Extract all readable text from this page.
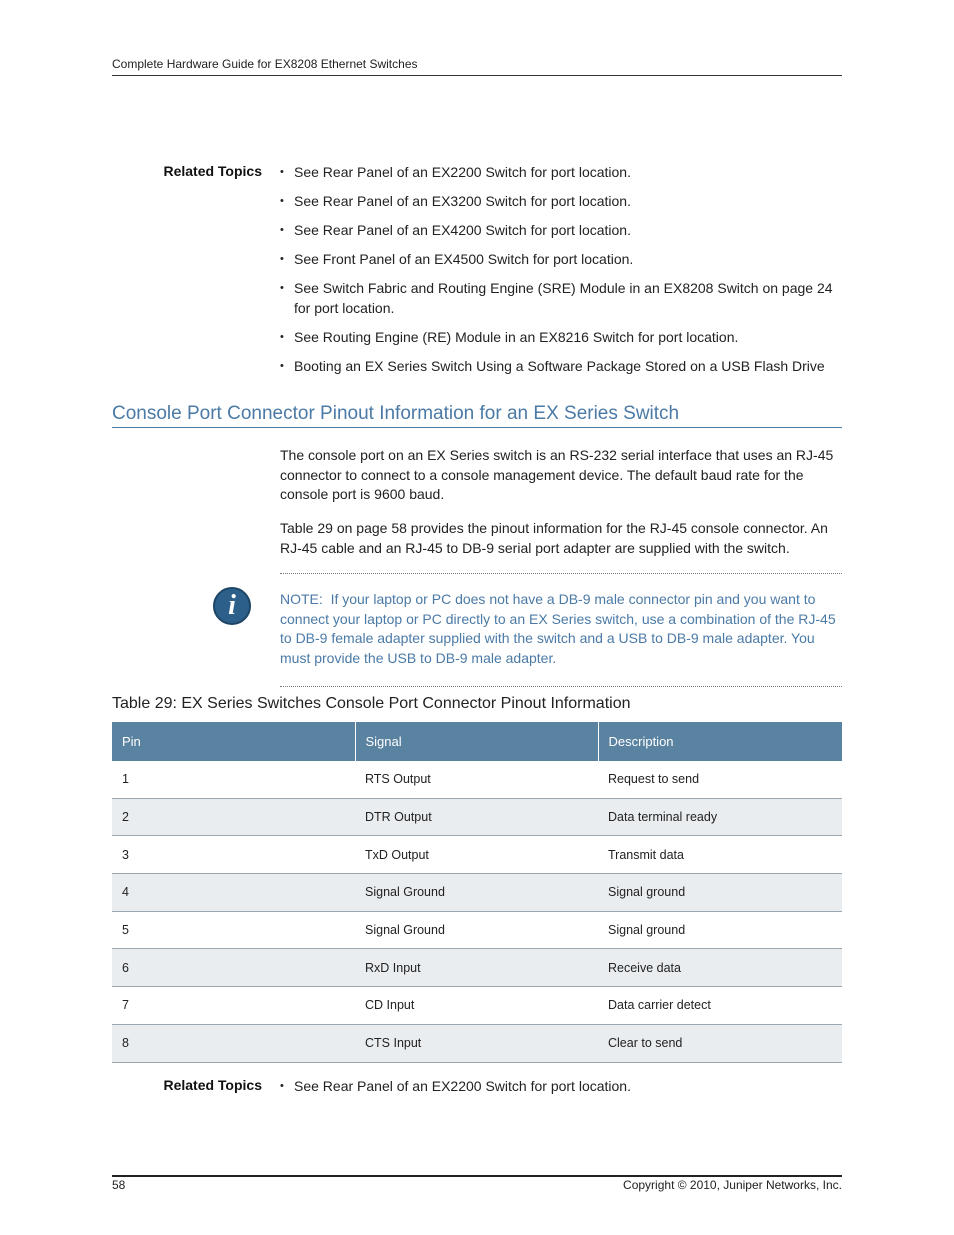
Complete Hardware Guide for EX8208 Ethernet Switches
Related Topics	• See Rear Panel of an EX2200 Switch for port location.
• See Rear Panel of an EX3200 Switch for port location.
• See Rear Panel of an EX4200 Switch for port location.
• See Front Panel of an EX4500 Switch for port location.
• See Switch Fabric and Routing Engine (SRE) Module in an EX8208 Switch on page 24 for port location.
• See Routing Engine (RE) Module in an EX8216 Switch for port location.
• Booting an EX Series Switch Using a Software Package Stored on a USB Flash Drive
Console Port Connector Pinout Information for an EX Series Switch

The console port on an EX Series switch is an RS-232 serial interface that uses an RJ-45 connector to connect to a console management device. The default baud rate for the console port is 9600 baud.

Table 29 on page 58 provides the pinout information for the RJ-45 console connector. An RJ-45 cable and an RJ-45 to DB-9 serial port adapter are supplied with the switch.

i	NOTE: If your laptop or PC does not have a DB-9 male connector pin and you want to connect your laptop or PC directly to an EX Series switch, use a combination of the RJ-45 to DB-9 female adapter supplied with the switch and a USB to DB-9 male adapter. You must provide the USB to DB-9 male adapter.

Table 29: EX Series Switches Console Port Connector Pinout Information
Pin	Signal	Description
1	RTS Output	Request to send
2	DTR Output	Data terminal ready
3	TxD Output	Transmit data
4	Signal Ground	Signal ground
5	Signal Ground	Signal ground
6	RxD Input	Receive data
7	CD Input	Data carrier detect
8	CTS Input	Clear to send
Related Topics	• See Rear Panel of an EX2200 Switch for port location.
58	Copyright © 2010, Juniper Networks, Inc.
